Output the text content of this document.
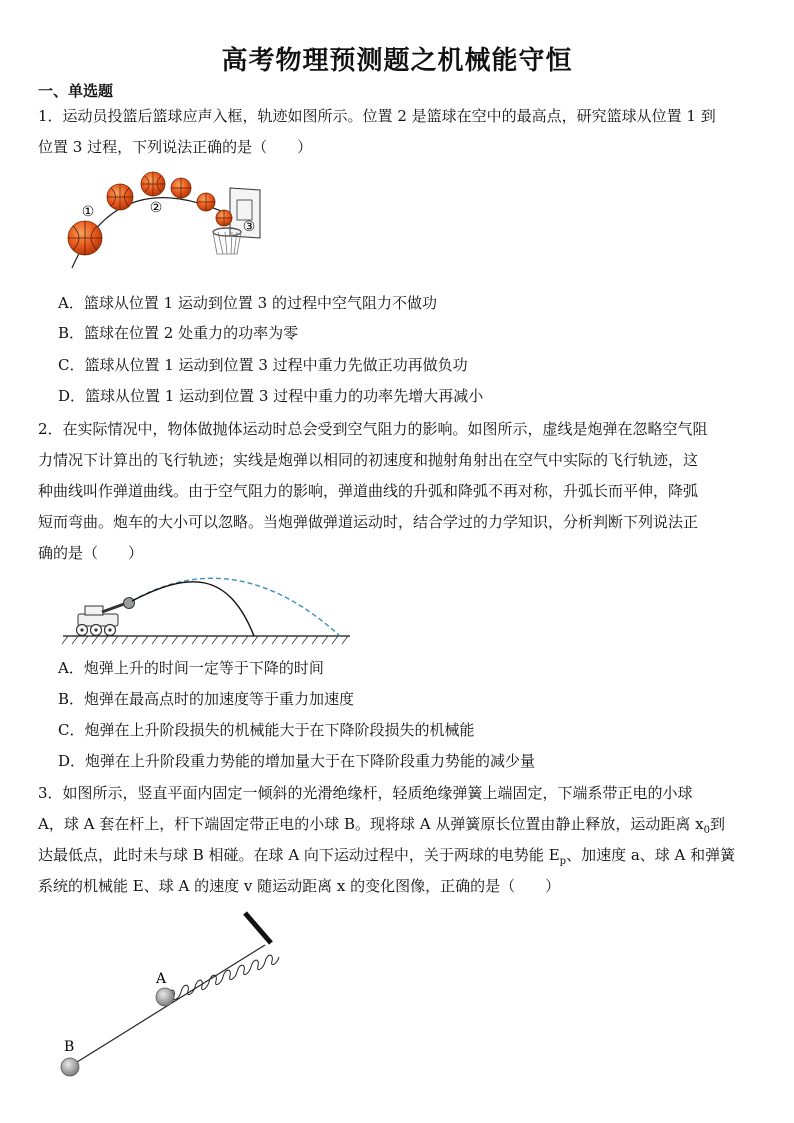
高考物理预测题之机械能守恒
一、单选题
1．运动员投篮后篮球应声入框，轨迹如图所示。位置 2 是篮球在空中的最高点，研究篮球从位置 1 到
位置 3 过程，下列说法正确的是（　　）
①	②
③
A．篮球从位置 1 运动到位置 3 的过程中空气阻力不做功
B．篮球在位置 2 处重力的功率为零
C．篮球从位置 1 运动到位置 3 过程中重力先做正功再做负功
D．篮球从位置 1 运动到位置 3 过程中重力的功率先增大再减小
2．在实际情况中，物体做抛体运动时总会受到空气阻力的影响。如图所示，虚线是炮弹在忽略空气阻
力情况下计算出的飞行轨迹；实线是炮弹以相同的初速度和抛射角射出在空气中实际的飞行轨迹，这
种曲线叫作弹道曲线。由于空气阻力的影响，弹道曲线的升弧和降弧不再对称，升弧长而平伸，降弧
短而弯曲。炮车的大小可以忽略。当炮弹做弹道运动时，结合学过的力学知识，分析判断下列说法正
确的是（　　）
A．炮弹上升的时间一定等于下降的时间
B．炮弹在最高点时的加速度等于重力加速度
C．炮弹在上升阶段损失的机械能大于在下降阶段损失的机械能
D．炮弹在上升阶段重力势能的增加量大于在下降阶段重力势能的减少量
3．如图所示，竖直平面内固定一倾斜的光滑绝缘杆，轻质绝缘弹簧上端固定，下端系带正电的小球
A，球 A 套在杆上，杆下端固定带正电的小球 B。现将球 A 从弹簧原长位置由静止释放，运动距离 $x_0$到
达最低点，此时未与球 B 相碰。在球 A 向下运动过程中，关于两球的电势能 $E_p$、加速度 a、球 A 和弹簧
系统的机械能 E、球 A 的速度 v 随运动距离 x 的变化图像，正确的是（　　）
A
B
